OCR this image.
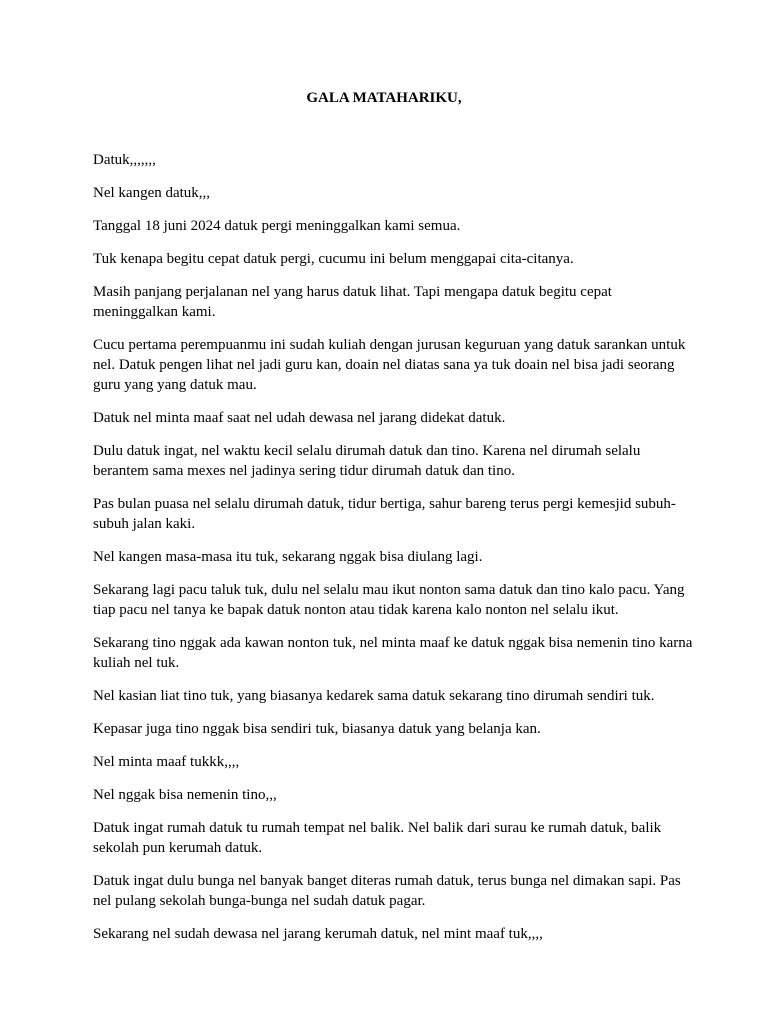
GALA MATAHARIKU,

Datuk,,,,,,,

Nel kangen datuk,,,

Tanggal 18 juni 2024 datuk pergi meninggalkan kami semua.

Tuk kenapa begitu cepat datuk pergi, cucumu ini belum menggapai cita-citanya.

Masih panjang perjalanan nel yang harus datuk lihat. Tapi mengapa datuk begitu cepat meninggalkan kami.

Cucu pertama perempuanmu ini sudah kuliah dengan jurusan keguruan yang datuk sarankan untuk nel. Datuk pengen lihat nel jadi guru kan, doain nel diatas sana ya tuk doain nel bisa jadi seorang guru yang yang datuk mau.

Datuk nel minta maaf saat nel udah dewasa nel jarang didekat datuk.

Dulu datuk ingat, nel waktu kecil selalu dirumah datuk dan tino. Karena nel dirumah selalu berantem sama mexes nel jadinya sering tidur dirumah datuk dan tino.

Pas bulan puasa nel selalu dirumah datuk, tidur bertiga, sahur bareng terus pergi kemesjid subuh-subuh jalan kaki.

Nel kangen masa-masa itu tuk, sekarang nggak bisa diulang lagi.

Sekarang lagi pacu taluk tuk, dulu nel selalu mau ikut nonton sama datuk dan tino kalo pacu. Yang tiap pacu nel tanya ke bapak datuk nonton atau tidak karena kalo nonton nel selalu ikut.

Sekarang tino nggak ada kawan nonton tuk, nel minta maaf ke datuk nggak bisa nemenin tino karna kuliah nel tuk.

Nel kasian liat tino tuk, yang biasanya kedarek sama datuk sekarang tino dirumah sendiri tuk.

Kepasar juga tino nggak bisa sendiri tuk, biasanya datuk yang belanja kan.

Nel minta maaf tukkk,,,,

Nel nggak bisa nemenin tino,,,

Datuk ingat rumah datuk tu rumah tempat nel balik. Nel balik dari surau ke rumah datuk, balik sekolah pun kerumah datuk.

Datuk ingat dulu bunga nel banyak banget diteras rumah datuk, terus bunga nel dimakan sapi. Pas nel pulang sekolah bunga-bunga nel sudah datuk pagar.

Sekarang nel sudah dewasa nel jarang kerumah datuk, nel mint maaf tuk,,,,
